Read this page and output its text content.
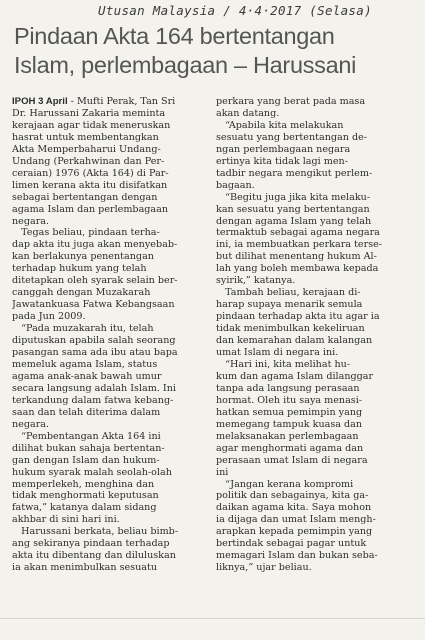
Utusan Malaysia / 4·4·2017 (Selasa)
Pindaan Akta 164 bertentangan
Islam, perlembagaan – Harussani

IPOH 3 April - Mufti Perak, Tan Sri

Dr. Harussani Zakaria meminta
kerajaan agar tidak meneruskan
hasrat untuk membentangkan
Akta Memperbaharui Undang-
Undang (Perkahwinan dan Per-
ceraian) 1976 (Akta 164) di Par-
limen kerana akta itu disifatkan
sebagai bertentangan dengan
agama Islam dan perlembagaan
negara.
Tegas beliau, pindaan terha-
dap akta itu juga akan menyebab-
kan berlakunya penentangan
terhadap hukum yang telah
ditetapkan oleh syarak selain ber-
canggah dengan Muzakarah
Jawatankuasa Fatwa Kebangsaan
pada Jun 2009.
“Pada muzakarah itu, telah
diputuskan apabila salah seorang
pasangan sama ada ibu atau bapa
memeluk agama Islam, status
agama anak-anak bawah umur
secara langsung adalah Islam. Ini
terkandung dalam fatwa kebang-
saan dan telah diterima dalam
negara.
“Pembentangan Akta 164 ini
dilihat bukan sahaja bertentan-
gan dengan Islam dan hukum-
hukum syarak malah seolah-olah
memperlekeh, menghina dan
tidak menghormati keputusan
fatwa,” katanya dalam sidang
akhbar di sini hari ini.
Harussani berkata, beliau bimb-
ang sekiranya pindaan terhadap
akta itu dibentang dan diluluskan
ia akan menimbulkan sesuatu
perkara yang berat pada masa
akan datang.
“Apabila kita melakukan
sesuatu yang bertentangan de-
ngan perlembagaan negara
ertinya kita tidak lagi men-
tadbir negara mengikut perlem-
bagaan.
“Begitu juga jika kita melaku-
kan sesuatu yang bertentangan
dengan agama Islam yang telah
termaktub sebagai agama negara
ini, ia membuatkan perkara terse-
but dilihat menentang hukum Al-
lah yang boleh membawa kepada
syirik,” katanya.
Tambah beliau, kerajaan di-
harap supaya menarik semula
pindaan terhadap akta itu agar ia
tidak menimbulkan kekeliruan
dan kemarahan dalam kalangan
umat Islam di negara ini.
“Hari ini, kita melihat hu-
kum dan agama Islam dilanggar
tanpa ada langsung perasaan
hormat. Oleh itu saya menasi-
hatkan semua pemimpin yang
memegang tampuk kuasa dan
melaksanakan perlembagaan
agar menghormati agama dan
perasaan umat Islam di negara
ini
“Jangan kerana kompromi
politik dan sebagainya, kita ga-
daikan agama kita. Saya mohon
ia dijaga dan umat Islam mengh-
arapkan kepada pemimpin yang
bertindak sebagai pagar untuk
memagari Islam dan bukan seba-
liknya,” ujar beliau.
